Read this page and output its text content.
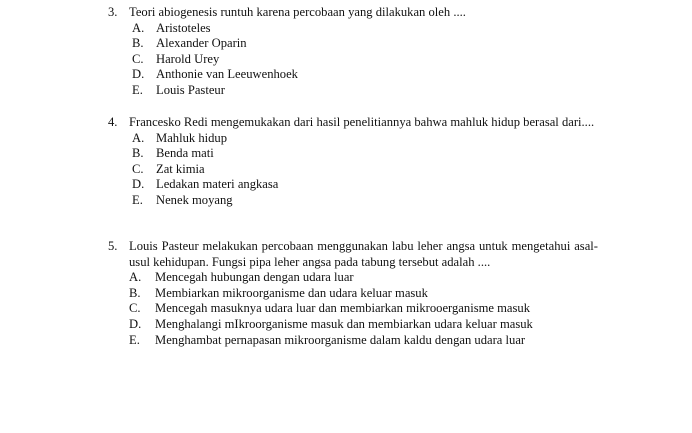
3. Teori abiogenesis runtuh karena percobaan yang dilakukan oleh ....
A. Aristoteles
B. Alexander Oparin
C. Harold Urey
D. Anthonie van Leeuwenhoek
E. Louis Pasteur
4. Francesko Redi mengemukakan dari hasil penelitiannya bahwa mahluk hidup berasal dari....
A. Mahluk hidup
B. Benda mati
C. Zat kimia
D. Ledakan materi angkasa
E. Nenek moyang
5. Louis Pasteur melakukan percobaan menggunakan labu leher angsa untuk mengetahui asal-usul kehidupan. Fungsi pipa leher angsa pada tabung tersebut adalah ....
A. Mencegah hubungan dengan udara luar
B. Membiarkan mikroorganisme dan udara keluar masuk
C. Mencegah masuknya udara luar dan membiarkan mikrooerganisme masuk
D. Menghalangi mIkroorganisme masuk dan membiarkan udara keluar masuk
E. Menghambat pernapasan mikroorganisme dalam kaldu dengan udara luar
